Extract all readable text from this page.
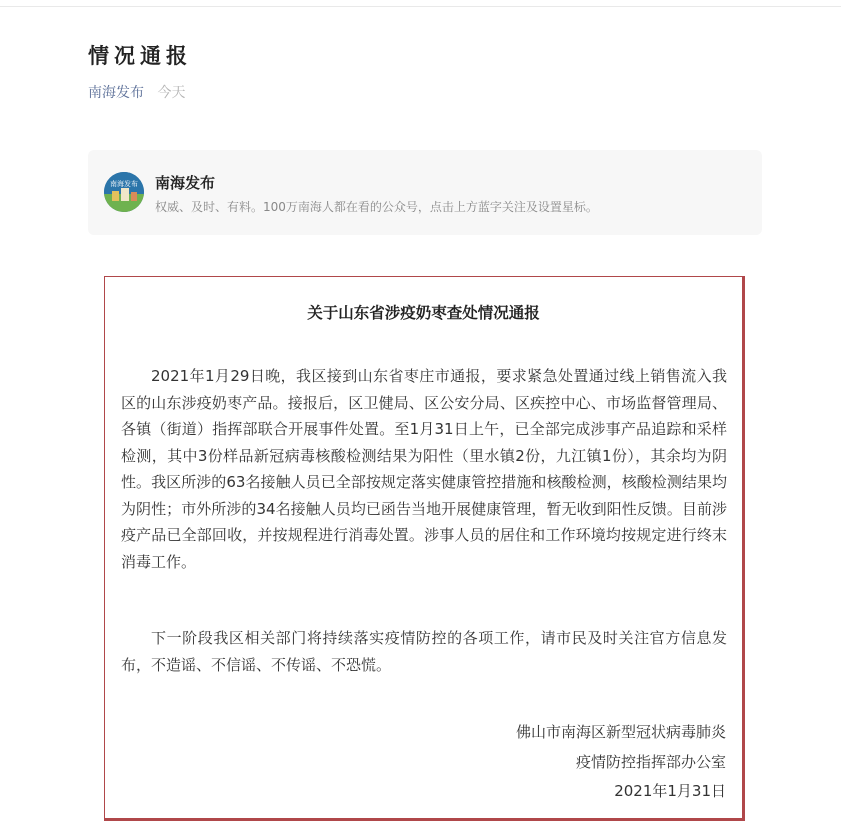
情况通报
南海发布 今天
南海发布 南海发布
权威、及时、有料。100万南海人都在看的公众号，点击上方蓝字关注及设置星标。
关于山东省涉疫奶枣查处情况通报

2021年1月29日晚，我区接到山东省枣庄市通报，要求紧急处置通过线上销售流入我区的山东涉疫奶枣产品。接报后，区卫健局、区公安分局、区疾控中心、市场监督管理局、各镇（街道）指挥部联合开展事件处置。至1月31日上午，已全部完成涉事产品追踪和采样检测，其中3份样品新冠病毒核酸检测结果为阳性（里水镇2份，九江镇1份），其余均为阴性。我区所涉的63名接触人员已全部按规定落实健康管控措施和核酸检测，核酸检测结果均为阴性；市外所涉的34名接触人员均已函告当地开展健康管理，暂无收到阳性反馈。目前涉疫产品已全部回收，并按规程进行消毒处置。涉事人员的居住和工作环境均按规定进行终末消毒工作。

下一阶段我区相关部门将持续落实疫情防控的各项工作，请市民及时关注官方信息发布，不造谣、不信谣、不传谣、不恐慌。

佛山市南海区新型冠状病毒肺炎
疫情防控指挥部办公室
2021年1月31日
